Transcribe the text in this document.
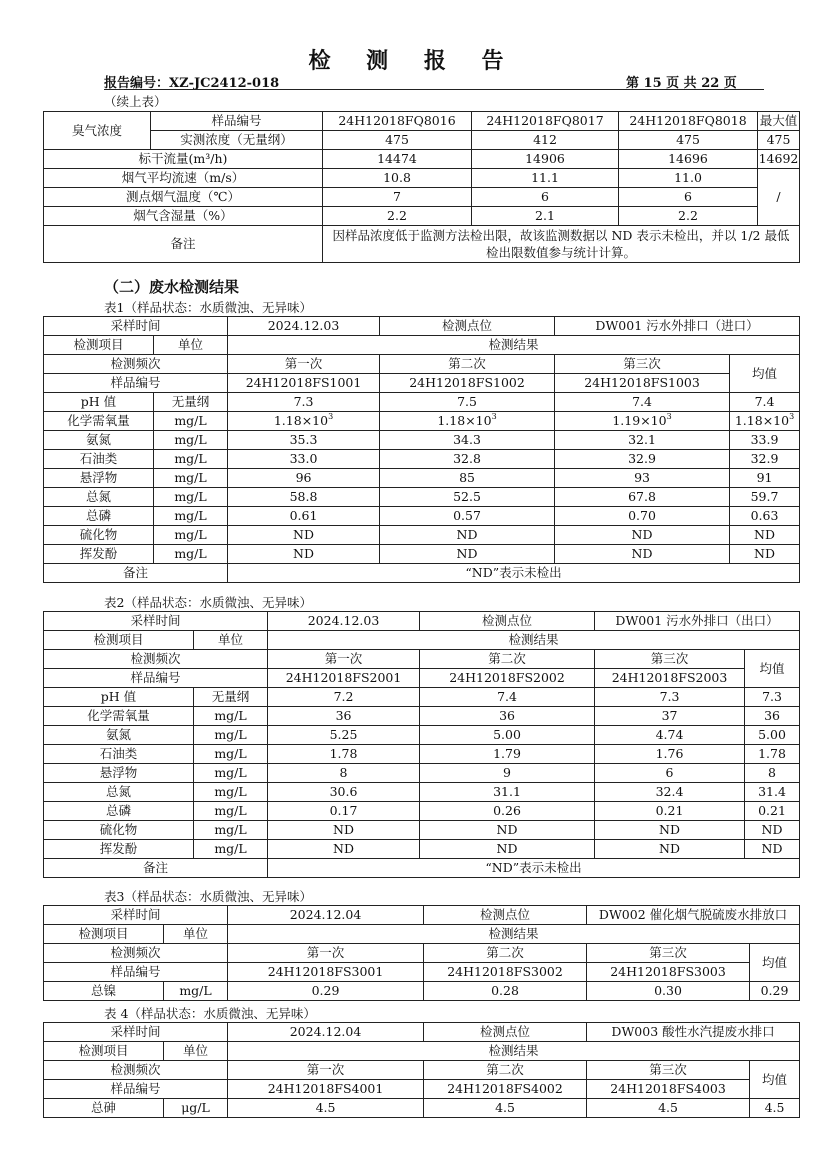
检 测 报 告
报告编号：XZ-JC2412-018	第 15 页 共 22 页
（续上表）
臭气浓度	样品编号	24H12018FQ8016	24H12018FQ8017	24H12018FQ8018	最大值
	实测浓度（无量纲）	475	412	475	475
标干流量(m³/h)		14474	14906	14696	14692
烟气平均流速（m/s）		10.8	11.1	11.0	/
测点烟气温度（℃）		7	6	6	
烟气含湿量（%）		2.2	2.1	2.2	
备注		因样品浓度低于监测方法检出限，故该监测数据以 ND 表示未检出，并以 1/2 最低检出限数值参与统计计算。			
（二）废水检测结果
表1（样品状态：水质微浊、无异味）
采样时间		2024.12.03	检测点位	DW001 污水外排口（进口）	
检测项目	单位	检测结果			
检测频次		第一次	第二次	第三次	均值
样品编号		24H12018FS1001	24H12018FS1002	24H12018FS1003	
pH 值	无量纲	7.3	7.5	7.4	7.4
化学需氧量	mg/L	$1.18\times 10^3$	$1.18\times 10^3$	$1.19\times 10^3$	$1.18\times 10^3$
氨氮	mg/L	35.3	34.3	32.1	33.9
石油类	mg/L	33.0	32.8	32.9	32.9
悬浮物	mg/L	96	85	93	91
总氮	mg/L	58.8	52.5	67.8	59.7
总磷	mg/L	0.61	0.57	0.70	0.63
硫化物	mg/L	ND	ND	ND	ND
挥发酚	mg/L	ND	ND	ND	ND
备注		“ND”表示未检出			
表2（样品状态：水质微浊、无异味）
采样时间		2024.12.03	检测点位	DW001 污水外排口（出口）	
检测项目	单位	检测结果			
检测频次		第一次	第二次	第三次	均值
样品编号		24H12018FS2001	24H12018FS2002	24H12018FS2003	
pH 值	无量纲	7.2	7.4	7.3	7.3
化学需氧量	mg/L	36	36	37	36
氨氮	mg/L	5.25	5.00	4.74	5.00
石油类	mg/L	1.78	1.79	1.76	1.78
悬浮物	mg/L	8	9	6	8
总氮	mg/L	30.6	31.1	32.4	31.4
总磷	mg/L	0.17	0.26	0.21	0.21
硫化物	mg/L	ND	ND	ND	ND
挥发酚	mg/L	ND	ND	ND	ND
备注		“ND”表示未检出			
表3（样品状态：水质微浊、无异味）
采样时间		2024.12.04	检测点位	DW002 催化烟气脱硫废水排放口	
检测项目	单位	检测结果			
检测频次		第一次	第二次	第三次	均值
样品编号		24H12018FS3001	24H12018FS3002	24H12018FS3003	
总镍	mg/L	0.29	0.28	0.30	0.29
表 4（样品状态：水质微浊、无异味）
采样时间		2024.12.04	检测点位	DW003 酸性水汽提废水排口	
检测项目	单位	检测结果			
检测频次		第一次	第二次	第三次	均值
样品编号		24H12018FS4001	24H12018FS4002	24H12018FS4003	
总砷	μg/L	4.5	4.5	4.5	4.5
